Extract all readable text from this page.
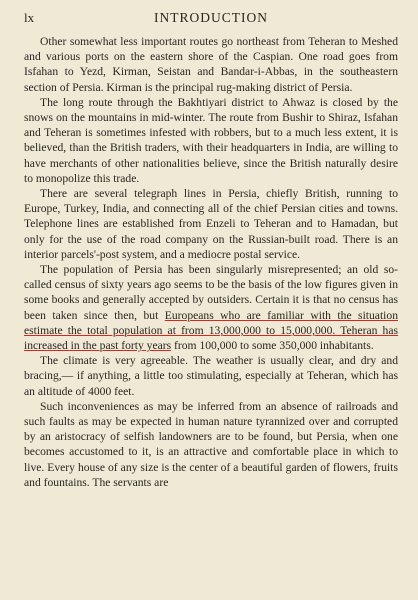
lx	INTRODUCTION

Other somewhat less important routes go northeast from Teheran to Meshed and various ports on the eastern shore of the Caspian. One road goes from Isfahan to Yezd, Kirman, Seistan and Bandar-i-Abbas, in the southeastern section of Persia. Kirman is the principal rug-making district of Persia.

The long route through the Bakhtiyari district to Ahwaz is closed by the snows on the mountains in mid-winter. The route from Bushir to Shiraz, Isfahan and Teheran is sometimes infested with robbers, but to a much less extent, it is believed, than the British traders, with their headquarters in India, are willing to have merchants of other nationalities believe, since the British naturally desire to monopolize this trade.

There are several telegraph lines in Persia, chiefly British, running to Europe, Turkey, India, and connecting all of the chief Persian cities and towns. Telephone lines are established from Enzeli to Teheran and to Hamadan, but only for the use of the road company on the Russian-built road. There is an interior parcels'-post system, and a mediocre postal service.

The population of Persia has been singularly misrepresented; an old so-called census of sixty years ago seems to be the basis of the low figures given in some books and generally accepted by outsiders. Certain it is that no census has been taken since then, but Europeans who are familiar with the situation estimate the total population at from 13,000,000 to 15,000,000. Teheran has increased in the past forty years from 100,000 to some 350,000 inhabitants.

The climate is very agreeable. The weather is usually clear, and dry and bracing,— if anything, a little too stimulating, especially at Teheran, which has an altitude of 4000 feet.

Such inconveniences as may be inferred from an absence of railroads and such faults as may be expected in human nature tyrannized over and corrupted by an aristocracy of selfish landowners are to be found, but Persia, when one becomes accustomed to it, is an attractive and comfortable place in which to live. Every house of any size is the center of a beautiful garden of flowers, fruits and fountains. The servants are
